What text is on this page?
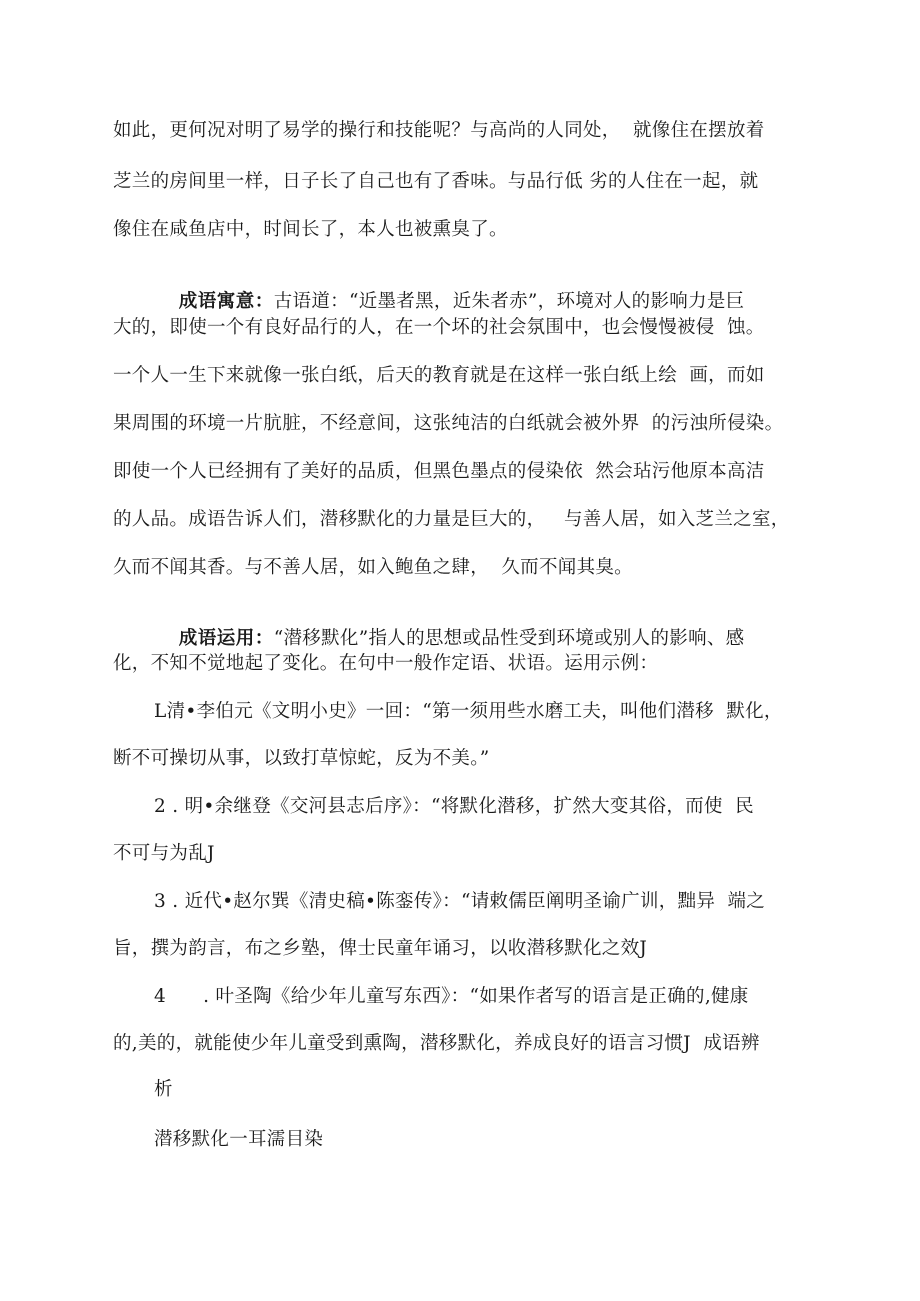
如此，更何况对明了易学的操行和技能呢？与高尚的人同处，  就像住在摆放着
芝兰的房间里一样，日子长了自己也有了香味。与品行低 劣的人住在一起，就
像住在咸鱼店中，时间长了，本人也被熏臭了。

成语寓意：古语道：“近墨者黑，近朱者赤”，环境对人的影响力是巨

大的，即使一个有良好品行的人，在一个坏的社会氛围中，也会慢慢被侵  蚀。
一个人一生下来就像一张白纸，后天的教育就是在这样一张白纸上绘  画，而如
果周围的环境一片肮脏，不经意间，这张纯洁的白纸就会被外界  的污浊所侵染。
即使一个人已经拥有了美好的品质，但黑色墨点的侵染依  然会玷污他原本高洁
的人品。成语告诉人们，潜移默化的力量是巨大的，   与善人居，如入芝兰之室，
久而不闻其香。与不善人居，如入鲍鱼之肆，  久而不闻其臭。

成语运用：“潜移默化”指人的思想或品性受到环境或别人的影响、感

化，不知不觉地起了变化。在句中一般作定语、状语。运用示例：
L清•李伯元《文明小史》一回：“第一须用些水磨工夫，叫他们潜移  默化，
断不可操切从事，以致打草惊蛇，反为不美。”
2 . 明•余继登《交河县志后序》：“将默化潜移，扩然大变其俗，而使  民
不可与为乱J
3 . 近代•赵尔巽《清史稿•陈銮传》：“请敕儒臣阐明圣谕广训，黜异  端之
旨，撰为韵言，布之乡塾，俾士民童年诵习，以收潜移默化之效J
4      . 叶圣陶《给少年儿童写东西》：“如果作者写的语言是正确的,健康
的,美的，就能使少年儿童受到熏陶，潜移默化，养成良好的语言习惯J  成语辨
析
潜移默化一耳濡目染
